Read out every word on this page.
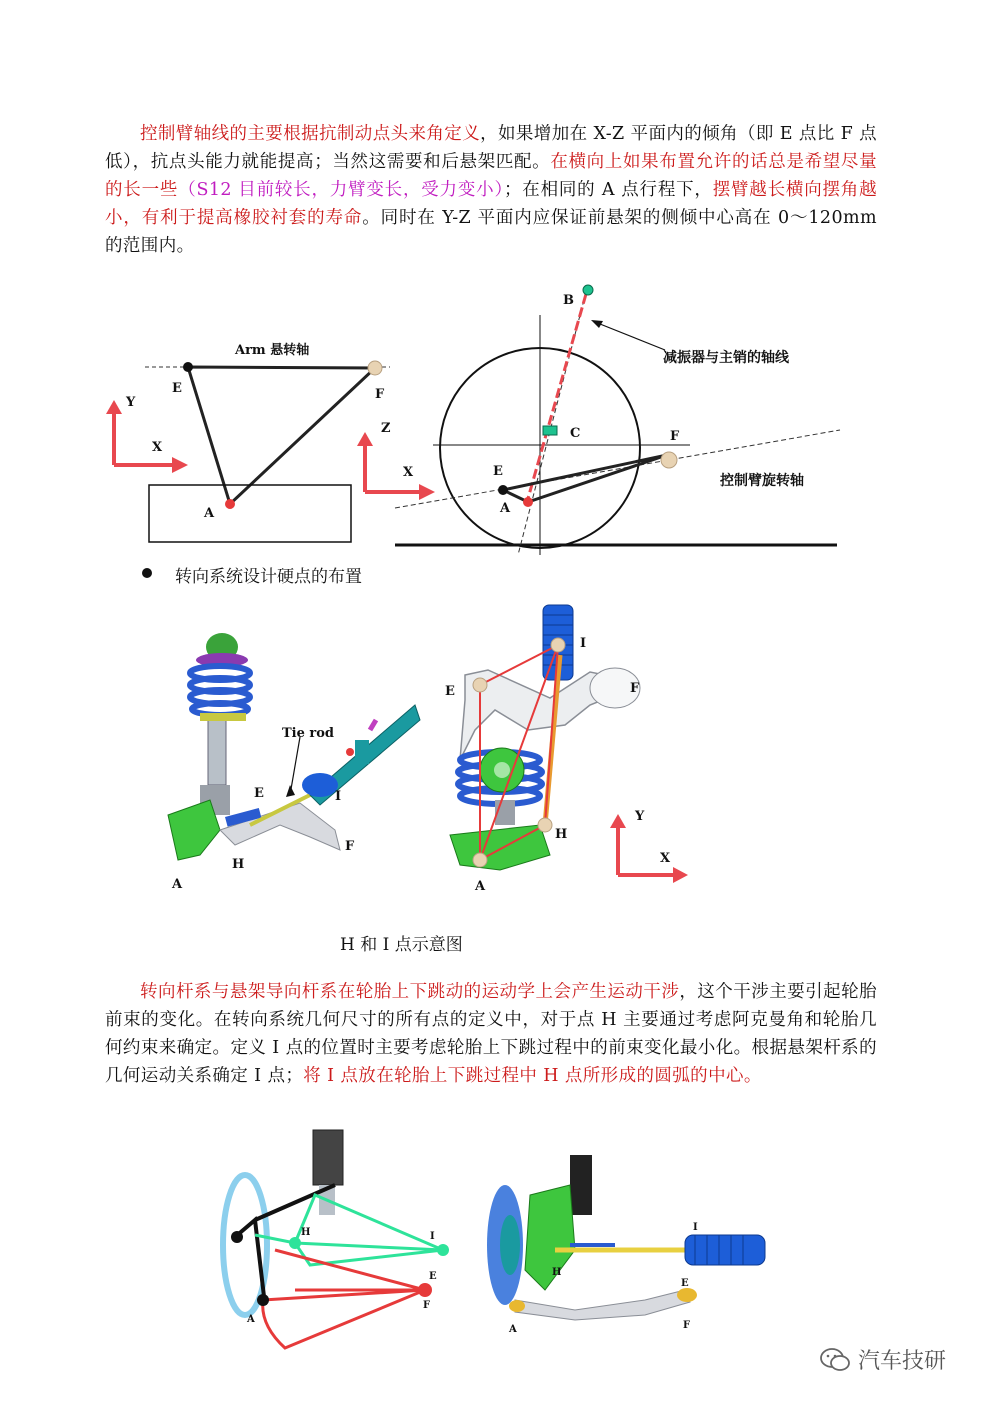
控制臂轴线的主要根据抗制动点头来角定义，如果增加在 X-Z 平面内的倾角（即 E 点比 F 点低），抗点头能力就能提高；当然这需要和后悬架匹配。在横向上如果布置允许的话总是希望尽量的长一些（S12 目前较长，力臂变长，受力变小）；在相同的 A 点行程下，摆臂越长横向摆角越小，有利于提高橡胶衬套的寿命。同时在 Y-Z 平面内应保证前悬架的侧倾中心高在 0～120mm 的范围内。
Arm 悬转轴
E	F
A
Y
X
B
C	F
E
A
减振器与主销的轴线
控制臂旋转轴
Z
X
转向系统设计硬点的布置
Tie rod
E	I
F
H
A
I
E	F
A
H
Y
X
H 和 I 点示意图
转向杆系与悬架导向杆系在轮胎上下跳动的运动学上会产生运动干涉，这个干涉主要引起轮胎前束的变化。在转向系统几何尺寸的所有点的定义中，对于点 H 主要通过考虑阿克曼角和轮胎几何约束来确定。定义 I 点的位置时主要考虑轮胎上下跳过程中的前束变化最小化。根据悬架杆系的几何运动关系确定 I 点；将 I 点放在轮胎上下跳过程中 H 点所形成的圆弧的中心。
H	I
E
F
A
I
H
E
F
A
汽车技研
